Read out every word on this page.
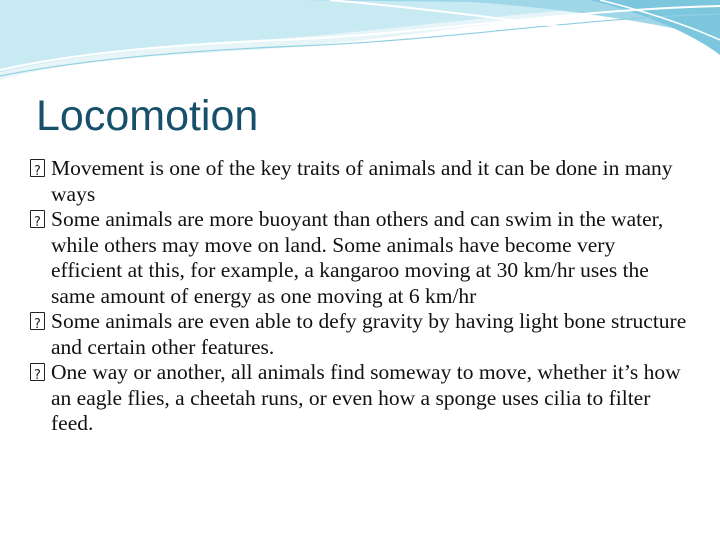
Locomotion
?
Movement is one of the key traits of animals and it can be done in many ways
?
Some animals are more buoyant than others and can swim in the water, while others may move on land. Some animals have become very efficient at this, for example, a kangaroo moving at 30 km/hr uses the same amount of energy as one moving at 6 km/hr
?
Some animals are even able to defy gravity by having light bone structure and certain other features.
?
One way or another, all animals find someway to move, whether it’s how an eagle flies, a cheetah runs, or even how a sponge uses cilia to filter feed.
